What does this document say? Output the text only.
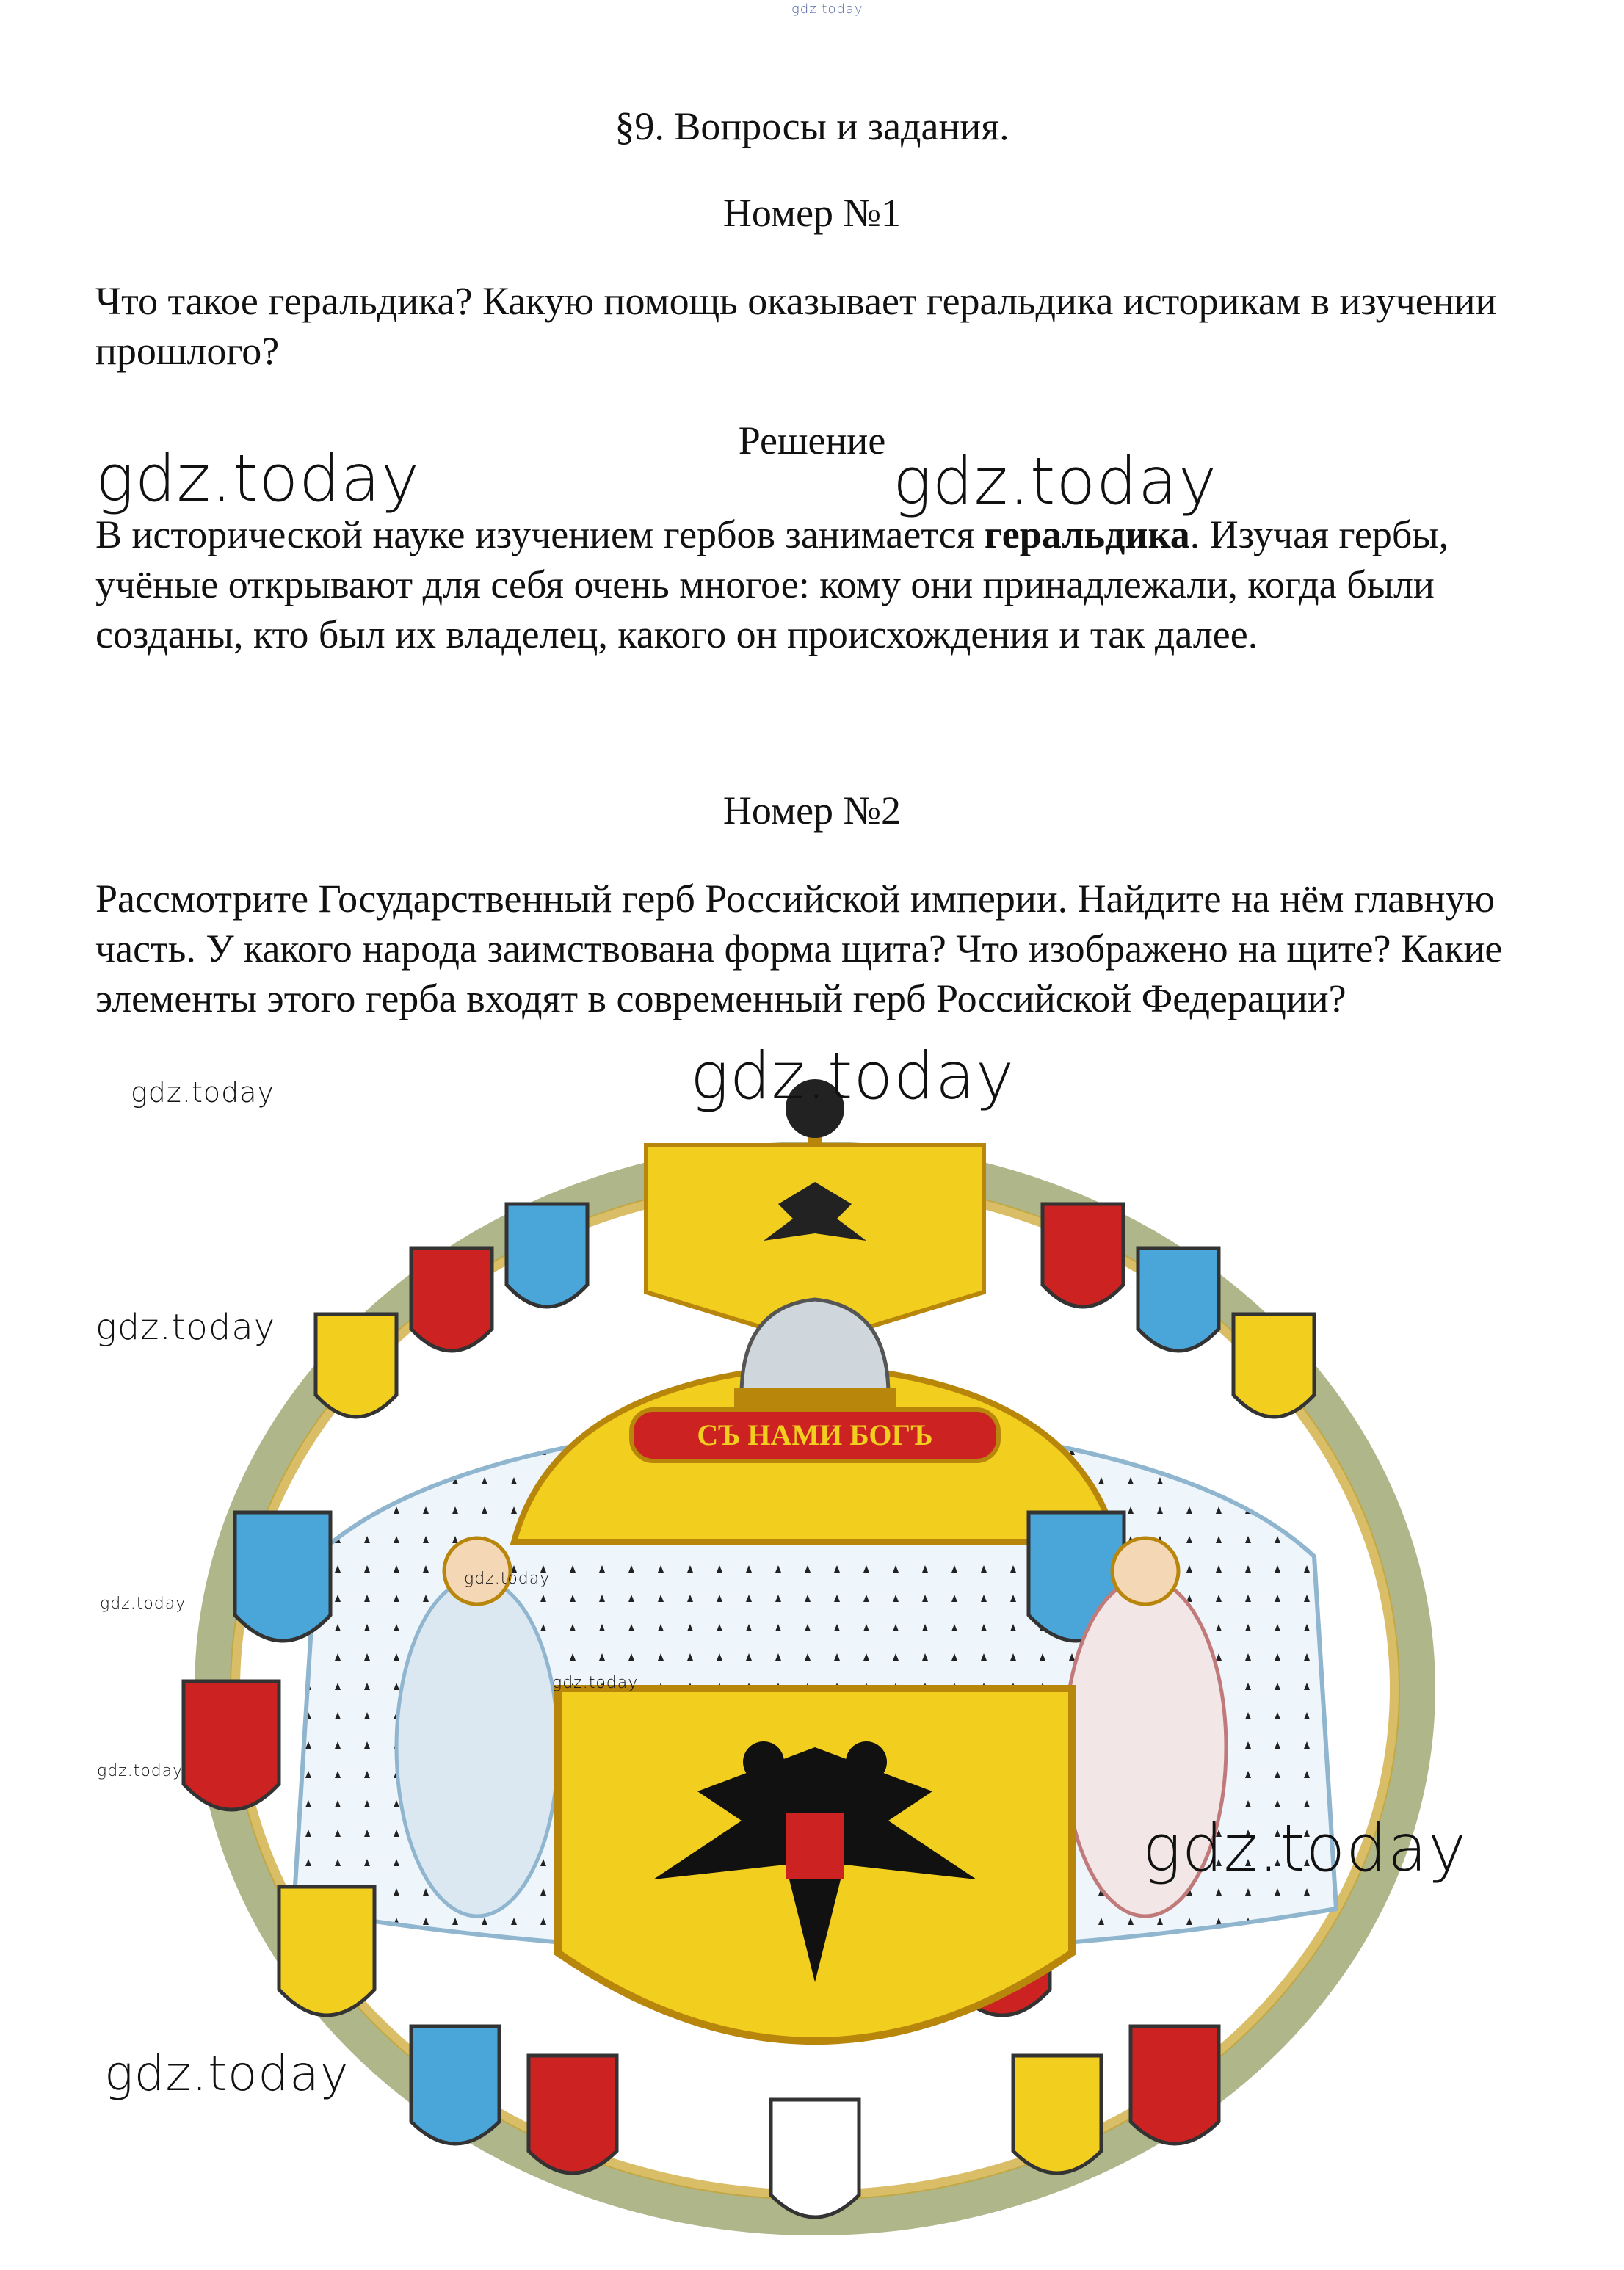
gdz.today
§9. Вопросы и задания.
Номер №1
Что такое геральдика? Какую помощь оказывает геральдика историкам в изучении прошлого?
Решение
В исторической науке изучением гербов занимается геральдика. Изучая гербы, учёные открывают для себя очень многое: кому они принадлежали, когда были созданы, кто был их владелец, какого он происхождения и так далее.
Номер №2
Рассмотрите Государственный герб Российской империи. Найдите на нём главную часть. У какого народа заимствована форма щита? Что изображено на щите? Какие элементы этого герба входят в современный герб Российской Федерации?
СЪ НАМИ БОГЪ
gdz.today	gdz.today
gdz.today
gdz.today
gdz.today
gdz.today
gdz.today
gdz.today
gdz.today
gdz.today
gdz.today
